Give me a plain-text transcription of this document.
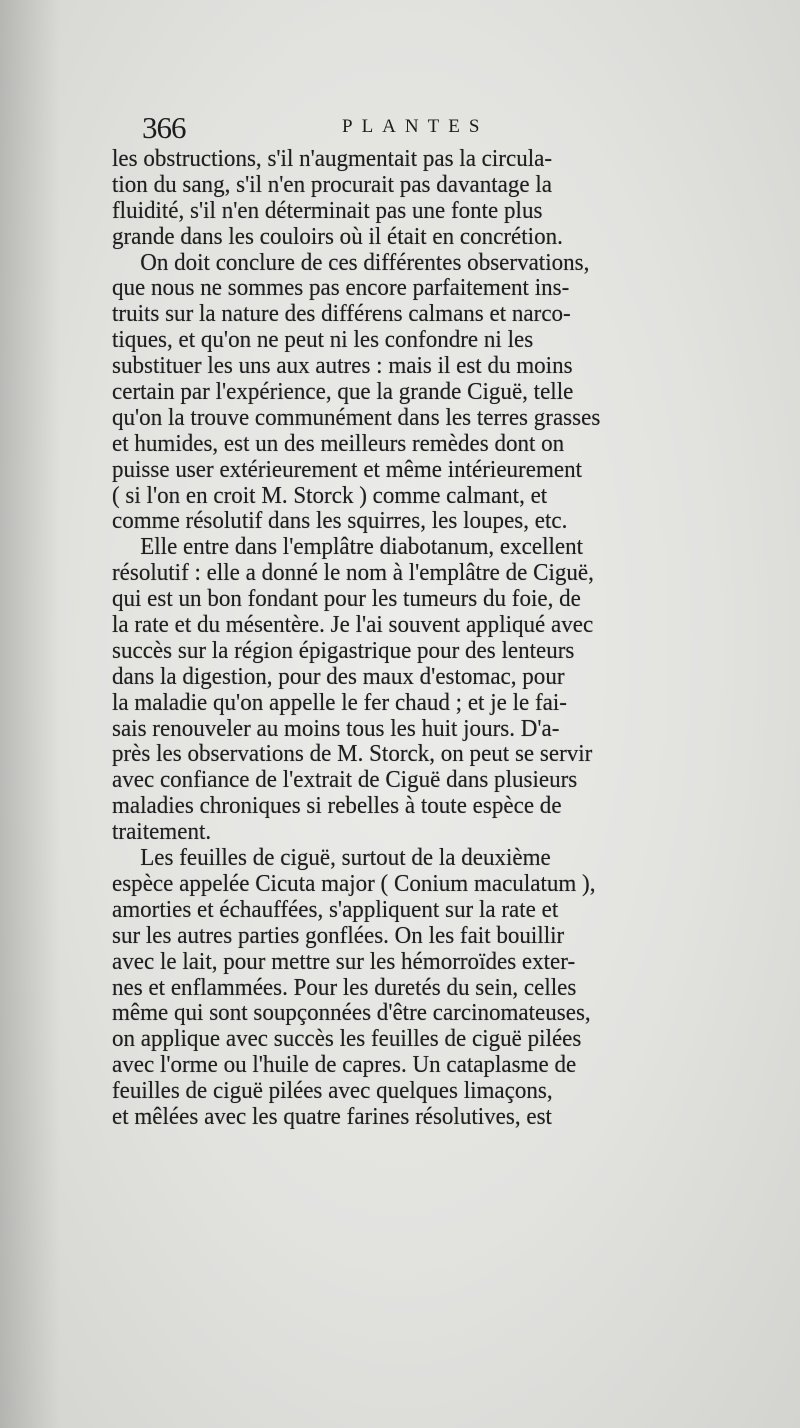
366	PLANTES
les obstructions, s'il n'augmentait pas la circula-
tion du sang, s'il n'en procurait pas davantage la
fluidité, s'il n'en déterminait pas une fonte plus
grande dans les couloirs où il était en concrétion.
On doit conclure de ces différentes observations,
que nous ne sommes pas encore parfaitement ins-
truits sur la nature des différens calmans et narco-
tiques, et qu'on ne peut ni les confondre ni les
substituer les uns aux autres : mais il est du moins
certain par l'expérience, que la grande Ciguë, telle
qu'on la trouve communément dans les terres grasses
et humides, est un des meilleurs remèdes dont on
puisse user extérieurement et même intérieurement
( si l'on en croit M. Storck ) comme calmant, et
comme résolutif dans les squirres, les loupes, etc.
Elle entre dans l'emplâtre diabotanum, excellent
résolutif : elle a donné le nom à l'emplâtre de Ciguë,
qui est un bon fondant pour les tumeurs du foie, de
la rate et du mésentère. Je l'ai souvent appliqué avec
succès sur la région épigastrique pour des lenteurs
dans la digestion, pour des maux d'estomac, pour
la maladie qu'on appelle le fer chaud ; et je le fai-
sais renouveler au moins tous les huit jours. D'a-
près les observations de M. Storck, on peut se servir
avec confiance de l'extrait de Ciguë dans plusieurs
maladies chroniques si rebelles à toute espèce de
traitement.
Les feuilles de ciguë, surtout de la deuxième
espèce appelée Cicuta major ( Conium maculatum ),
amorties et échauffées, s'appliquent sur la rate et
sur les autres parties gonflées. On les fait bouillir
avec le lait, pour mettre sur les hémorroïdes exter-
nes et enflammées. Pour les duretés du sein, celles
même qui sont soupçonnées d'être carcinomateuses,
on applique avec succès les feuilles de ciguë pilées
avec l'orme ou l'huile de capres. Un cataplasme de
feuilles de ciguë pilées avec quelques limaçons,
et mêlées avec les quatre farines résolutives, est
